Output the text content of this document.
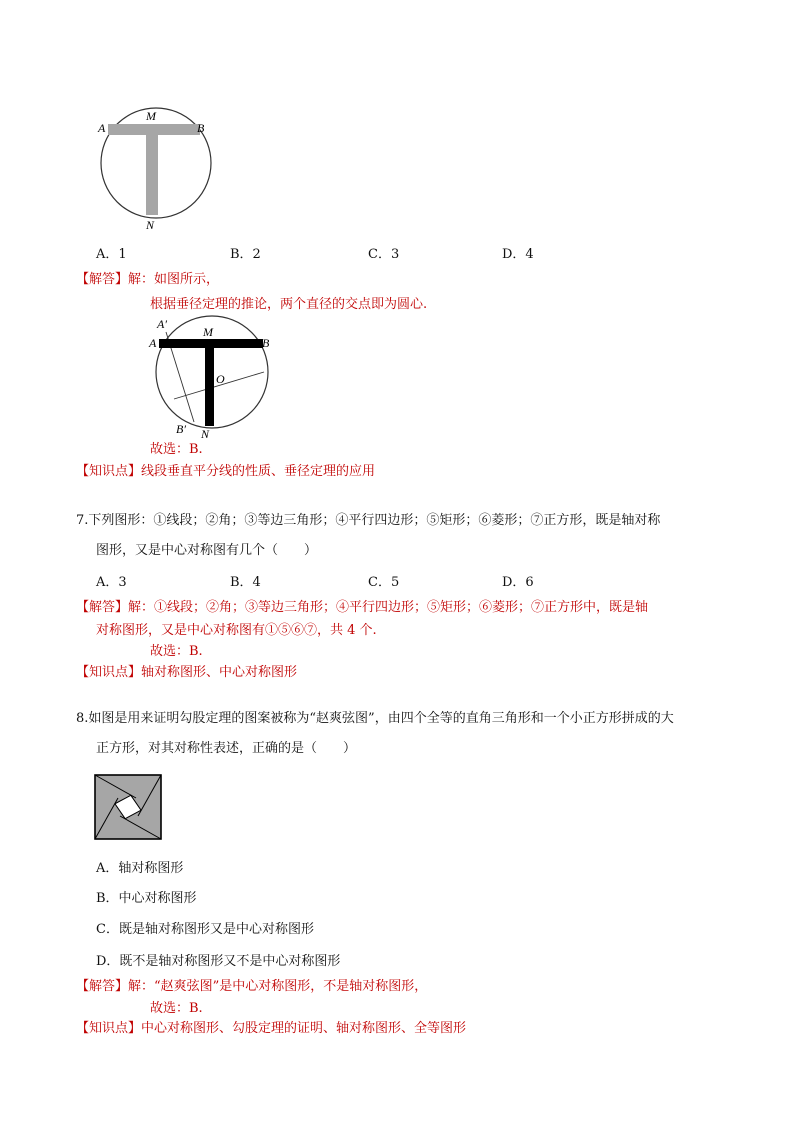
A
M
B
N
A．1	B．2	C．3	D．4
【解答】解：如图所示，
根据垂径定理的推论，两个直径的交点即为圆心.
A′
A
M
B
O
B′ N
故选：B.
【知识点】线段垂直平分线的性质、垂径定理的应用
7.下列图形：①线段；②角；③等边三角形；④平行四边形；⑤矩形；⑥菱形；⑦正方形，既是轴对称
图形，又是中心对称图有几个（　　）
A．3	B．4	C．5	D．6
【解答】解：①线段；②角；③等边三角形；④平行四边形；⑤矩形；⑥菱形；⑦正方形中，既是轴
对称图形，又是中心对称图有①⑤⑥⑦，共 4 个.
故选：B.
【知识点】轴对称图形、中心对称图形
8.如图是用来证明勾股定理的图案被称为“赵爽弦图”，由四个全等的直角三角形和一个小正方形拼成的大
正方形，对其对称性表述，正确的是（　　）
A．轴对称图形
B．中心对称图形
C．既是轴对称图形又是中心对称图形
D．既不是轴对称图形又不是中心对称图形
【解答】解：“赵爽弦图”是中心对称图形，不是轴对称图形，
故选：B.
【知识点】中心对称图形、勾股定理的证明、轴对称图形、全等图形
